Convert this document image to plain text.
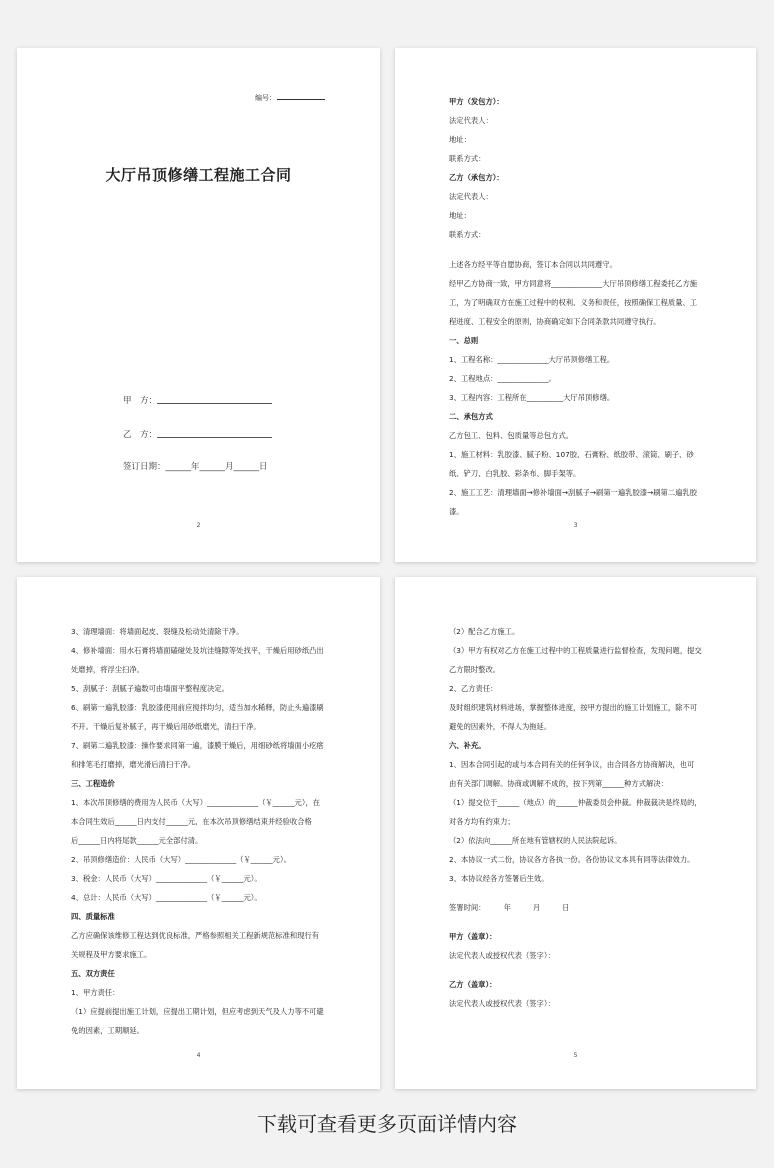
编号：
大厅吊顶修缮工程施工合同
甲　方：
乙　方：
签订日期：______年______月______日
2
甲方（发包方）：
法定代表人：
地址：
联系方式：
乙方（承包方）：
法定代表人：
地址：
联系方式：
上述各方经平等自愿协商，签订本合同以共同遵守。
经甲乙方协商一致，甲方同意将______________大厅吊顶修缮工程委托乙方施
工，为了明确双方在施工过程中的权利、义务和责任，按照确保工程质量、工
程进度、工程安全的原则，协商确定如下合同条款共同遵守执行。
一、总则
1、工程名称：______________大厅吊顶修缮工程。
2、工程地点：______________。
3、工程内容：工程所在__________大厅吊顶修缮。
二、承包方式
乙方包工、包料、包质量等总包方式。
1、施工材料：乳胶漆、腻子粉、107胶、石膏粉、纸胶带、滚筒、刷子、砂
纸、铲刀、白乳胶、彩条布、脚手架等。
2、施工工艺：清理墙面→修补墙面→刮腻子→刷第一遍乳胶漆→刷第二遍乳胶
漆。
3
3、清理墙面：将墙面起皮、裂缝及松动处清除干净。
4、修补墙面：用水石膏将墙面磕碰处及坑洼缝隙等处找平，干燥后用砂纸凸出
处磨掉，将浮尘扫净。
5、刮腻子：刮腻子遍数可由墙面平整程度决定。
6、刷第一遍乳胶漆：乳胶漆使用前应搅拌均匀，适当加水稀释，防止头遍漆刷
不开。干燥后复补腻子，再干燥后用砂纸磨光，清扫干净。
7、刷第二遍乳胶漆：操作要求同第一遍，漆膜干燥后，用细砂纸将墙面小疙瘩
和排笔毛打磨掉，磨光滑后清扫干净。
三、工程造价
1、本次吊顶修缮的费用为人民币（大写）______________（￥______元），在
本合同生效后______日内支付______元，在本次吊顶修缮结束并经验收合格
后______日内将尾款______元全部付清。
2、吊顶修缮造价：人民币（大写）______________（￥______元）。
3、税金：人民币（大写）______________（￥______元）。
4、总计：人民币（大写）______________（￥______元）。
四、质量标准
乙方应确保该维修工程达到优良标准，严格参照相关工程新规范标准和现行有
关规程及甲方要求施工。
五、双方责任
1、甲方责任：
（1）应提前提出施工计划，应提出工期计划，但应考虑到天气及人力等不可避
免的因素，工期顺延。
4
（2）配合乙方施工。
（3）甲方有权对乙方在施工过程中的工程质量进行监督检查，发现问题，提交
乙方限时整改。
2、乙方责任：
及时组织建筑材料进场，掌握整体进度，按甲方提出的施工计划施工，除不可
避免的因素外，不得人为拖延。
六、补充。
1、因本合同引起的或与本合同有关的任何争议，由合同各方协商解决，也可
由有关部门调解。协商或调解不成的，按下列第______种方式解决：
（1）提交位于______（地点）的______仲裁委员会仲裁。仲裁裁决是终局的，
对各方均有约束力；
（2）依法向______所在地有管辖权的人民法院起诉。
2、本协议一式二份，协议各方各执一份。各份协议文本具有同等法律效力。
3、本协议经各方签署后生效。
签署时间：　　　年　　　月　　　日
甲方（盖章）：
法定代表人或授权代表（签字）：
乙方（盖章）：
法定代表人或授权代表（签字）：
5
下载可查看更多页面详情内容
